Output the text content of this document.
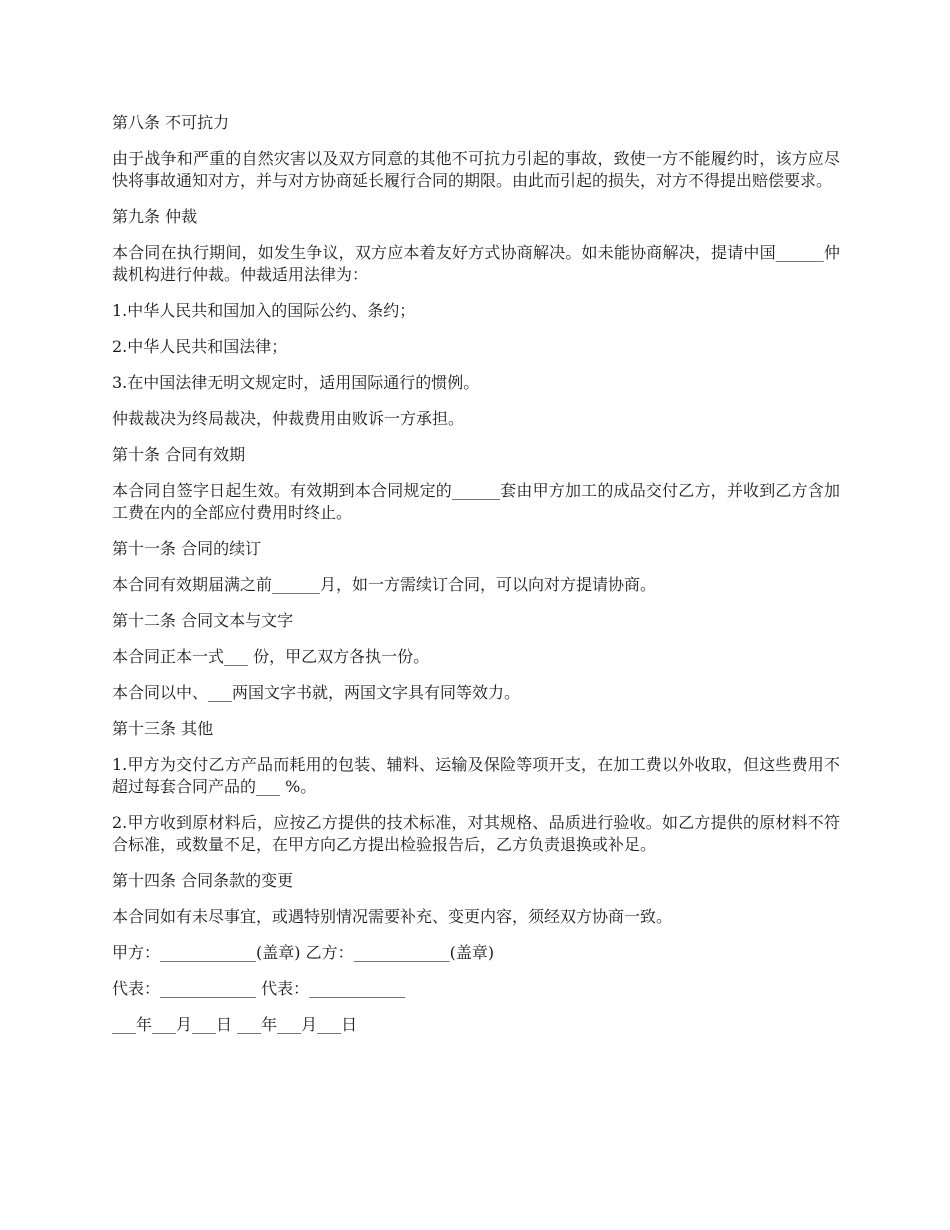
第八条 不可抗力
由于战争和严重的自然灾害以及双方同意的其他不可抗力引起的事故，致使一方不能履约时，该方应尽快将事故通知对方，并与对方协商延长履行合同的期限。由此而引起的损失，对方不得提出赔偿要求。
第九条 仲裁
本合同在执行期间，如发生争议，双方应本着友好方式协商解决。如未能协商解决，提请中国______仲裁机构进行仲裁。仲裁适用法律为：
1.中华人民共和国加入的国际公约、条约；
2.中华人民共和国法律；
3.在中国法律无明文规定时，适用国际通行的惯例。
仲裁裁决为终局裁决，仲裁费用由败诉一方承担。
第十条 合同有效期
本合同自签字日起生效。有效期到本合同规定的______套由甲方加工的成品交付乙方，并收到乙方含加工费在内的全部应付费用时终止。
第十一条 合同的续订
本合同有效期届满之前______月，如一方需续订合同，可以向对方提请协商。
第十二条 合同文本与文字
本合同正本一式___ 份，甲乙双方各执一份。
本合同以中、___两国文字书就，两国文字具有同等效力。
第十三条 其他
1.甲方为交付乙方产品而耗用的包装、辅料、运输及保险等项开支，在加工费以外收取，但这些费用不超过每套合同产品的___ %。
2.甲方收到原材料后，应按乙方提供的技术标准，对其规格、品质进行验收。如乙方提供的原材料不符合标准，或数量不足，在甲方向乙方提出检验报告后，乙方负责退换或补足。
第十四条 合同条款的变更
本合同如有未尽事宜，或遇特别情况需要补充、变更内容，须经双方协商一致。
甲方：____________(盖章) 乙方：____________(盖章)
代表：____________ 代表：____________
___年___月___日 ___年___月___日
